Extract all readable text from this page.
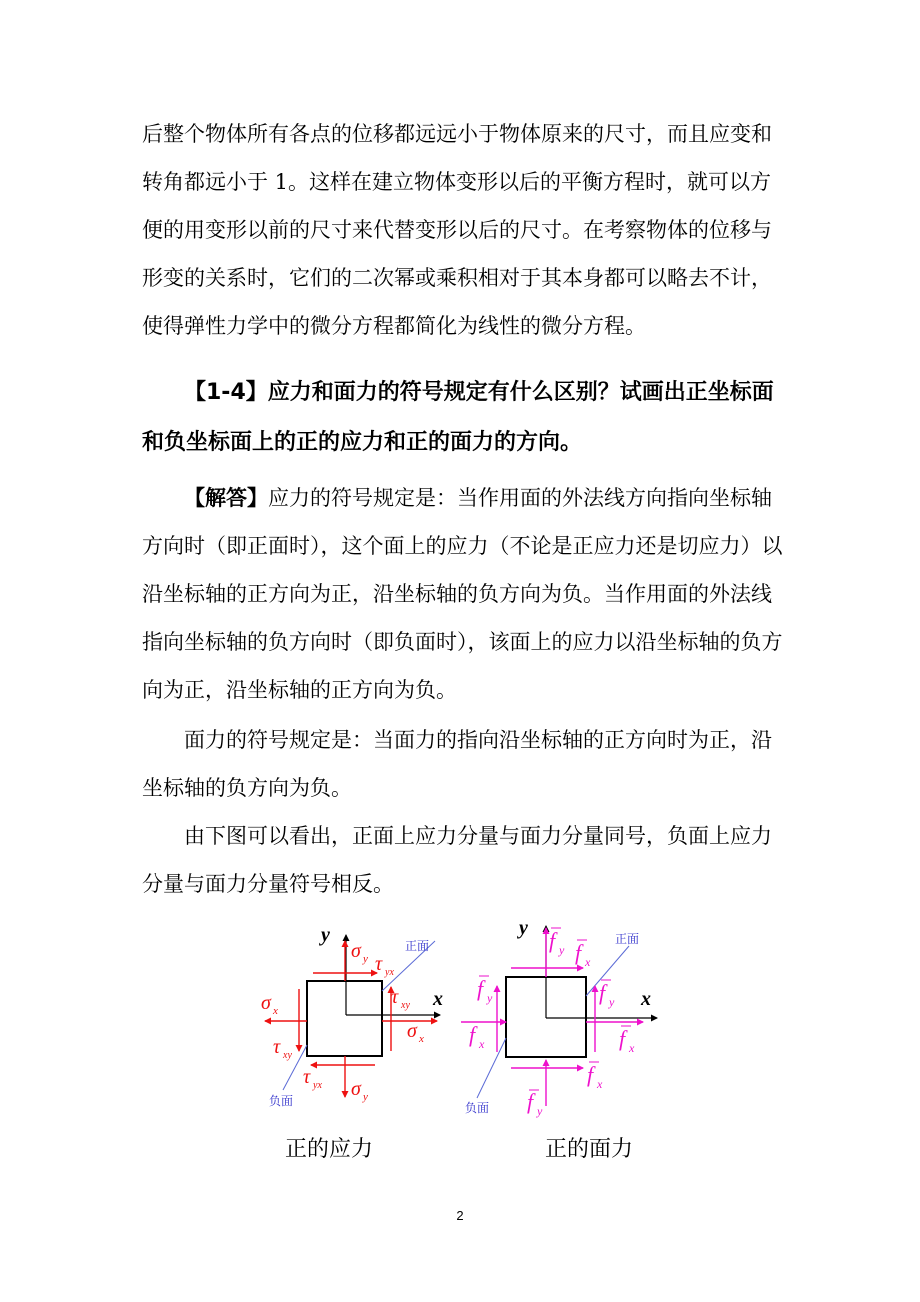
后整个物体所有各点的位移都远远小于物体原来的尺寸，而且应变和转角都远小于 1。这样在建立物体变形以后的平衡方程时，就可以方便的用变形以前的尺寸来代替变形以后的尺寸。在考察物体的位移与形变的关系时，它们的二次幂或乘积相对于其本身都可以略去不计，使得弹性力学中的微分方程都简化为线性的微分方程。

【1-4】应力和面力的符号规定有什么区别？试画出正坐标面和负坐标面上的正的应力和正的面力的方向。

【解答】应力的符号规定是：当作用面的外法线方向指向坐标轴方向时（即正面时），这个面上的应力（不论是正应力还是切应力）以沿坐标轴的正方向为正，沿坐标轴的负方向为负。当作用面的外法线指向坐标轴的负方向时（即负面时），该面上的应力以沿坐标轴的负方向为正，沿坐标轴的正方向为负。

面力的符号规定是：当面力的指向沿坐标轴的正方向时为正，沿坐标轴的负方向为负。

由下图可以看出，正面上应力分量与面力分量同号，负面上应力分量与面力分量符号相反。

y
x
正面
负面
σ y τ yx
τ xy
σ x
σ x
τ xy
τ yx σ y
y
x
正面
负面
f y f x
f y	f y
f x	f x
f x
f y
正的应力	正的面力
2
